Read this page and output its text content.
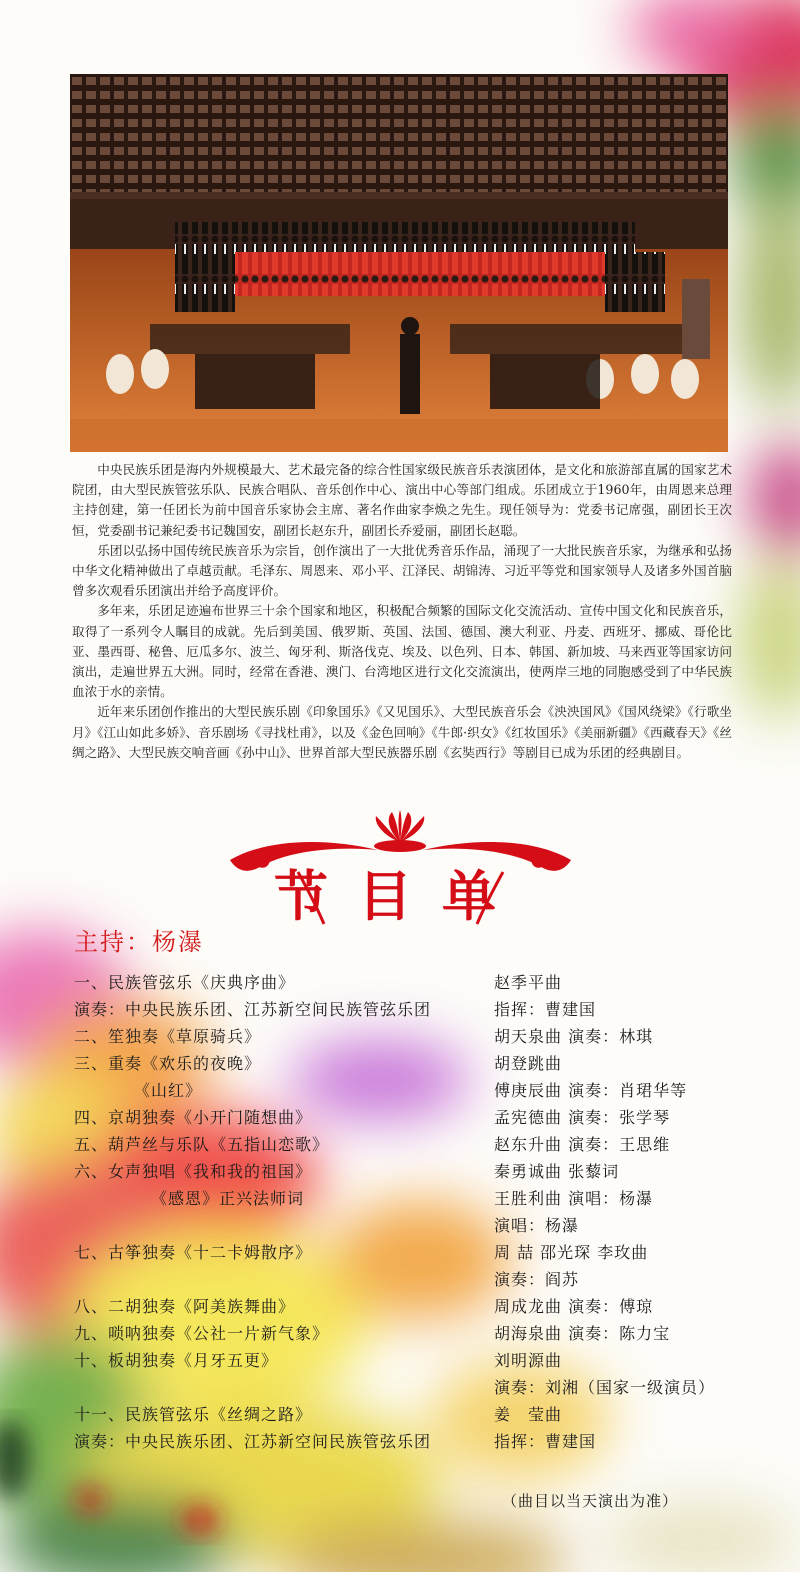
中央民族乐团是海内外规模最大、艺术最完备的综合性国家级民族音乐表演团体，是文化和旅游部直属的国家艺术院团，由大型民族管弦乐队、民族合唱队、音乐创作中心、演出中心等部门组成。乐团成立于1960年，由周恩来总理主持创建，第一任团长为前中国音乐家协会主席、著名作曲家李焕之先生。现任领导为：党委书记席强，副团长王次恒，党委副书记兼纪委书记魏国安，副团长赵东升，副团长乔爱丽，副团长赵聪。

乐团以弘扬中国传统民族音乐为宗旨，创作演出了一大批优秀音乐作品，涌现了一大批民族音乐家，为继承和弘扬中华文化精神做出了卓越贡献。毛泽东、周恩来、邓小平、江泽民、胡锦涛、习近平等党和国家领导人及诸多外国首脑曾多次观看乐团演出并给予高度评价。

多年来，乐团足迹遍布世界三十余个国家和地区，积极配合频繁的国际文化交流活动、宣传中国文化和民族音乐，取得了一系列令人瞩目的成就。先后到美国、俄罗斯、英国、法国、德国、澳大利亚、丹麦、西班牙、挪威、哥伦比亚、墨西哥、秘鲁、厄瓜多尔、波兰、匈牙利、斯洛伐克、埃及、以色列、日本、韩国、新加坡、马来西亚等国家访问演出，走遍世界五大洲。同时，经常在香港、澳门、台湾地区进行文化交流演出，使两岸三地的同胞感受到了中华民族血浓于水的亲情。

近年来乐团创作推出的大型民族乐剧《印象国乐》《又见国乐》、大型民族音乐会《泱泱国风》《国风绕梁》《行歌坐月》《江山如此多娇》、音乐剧场《寻找杜甫》，以及《金色回响》《牛郎·织女》《红妆国乐》《美丽新疆》《西藏春天》《丝绸之路》、大型民族交响音画《孙中山》、世界首部大型民族器乐剧《玄奘西行》等剧目已成为乐团的经典剧目。

节目单
主持：杨瀑
一、民族管弦乐《庆典序曲》
演奏：中央民族乐团、江苏新空间民族管弦乐团
二、笙独奏《草原骑兵》
三、重奏《欢乐的夜晚》
　　　　《山红》
四、京胡独奏《小开门随想曲》
五、葫芦丝与乐队《五指山恋歌》
六、女声独唱《我和我的祖国》
　　　　　《感恩》正兴法师词
七、古筝独奏《十二卡姆散序》
八、二胡独奏《阿美族舞曲》
九、唢呐独奏《公社一片新气象》
十、板胡独奏《月牙五更》
十一、民族管弦乐《丝绸之路》
演奏：中央民族乐团、江苏新空间民族管弦乐团
赵季平曲
指挥：曹建国
胡天泉曲 演奏：林琪
胡登跳曲
傅庚辰曲 演奏：肖珺华等
孟宪德曲 演奏：张学琴
赵东升曲 演奏：王思维
秦勇诚曲 张藜词
王胜利曲 演唱：杨瀑
演唱：杨瀑
周 喆 邵光琛 李玫曲
演奏：阎苏
周成龙曲 演奏：傅琼
胡海泉曲 演奏：陈力宝
刘明源曲
演奏：刘湘（国家一级演员）
姜　莹曲
指挥：曹建国
（曲目以当天演出为准）
